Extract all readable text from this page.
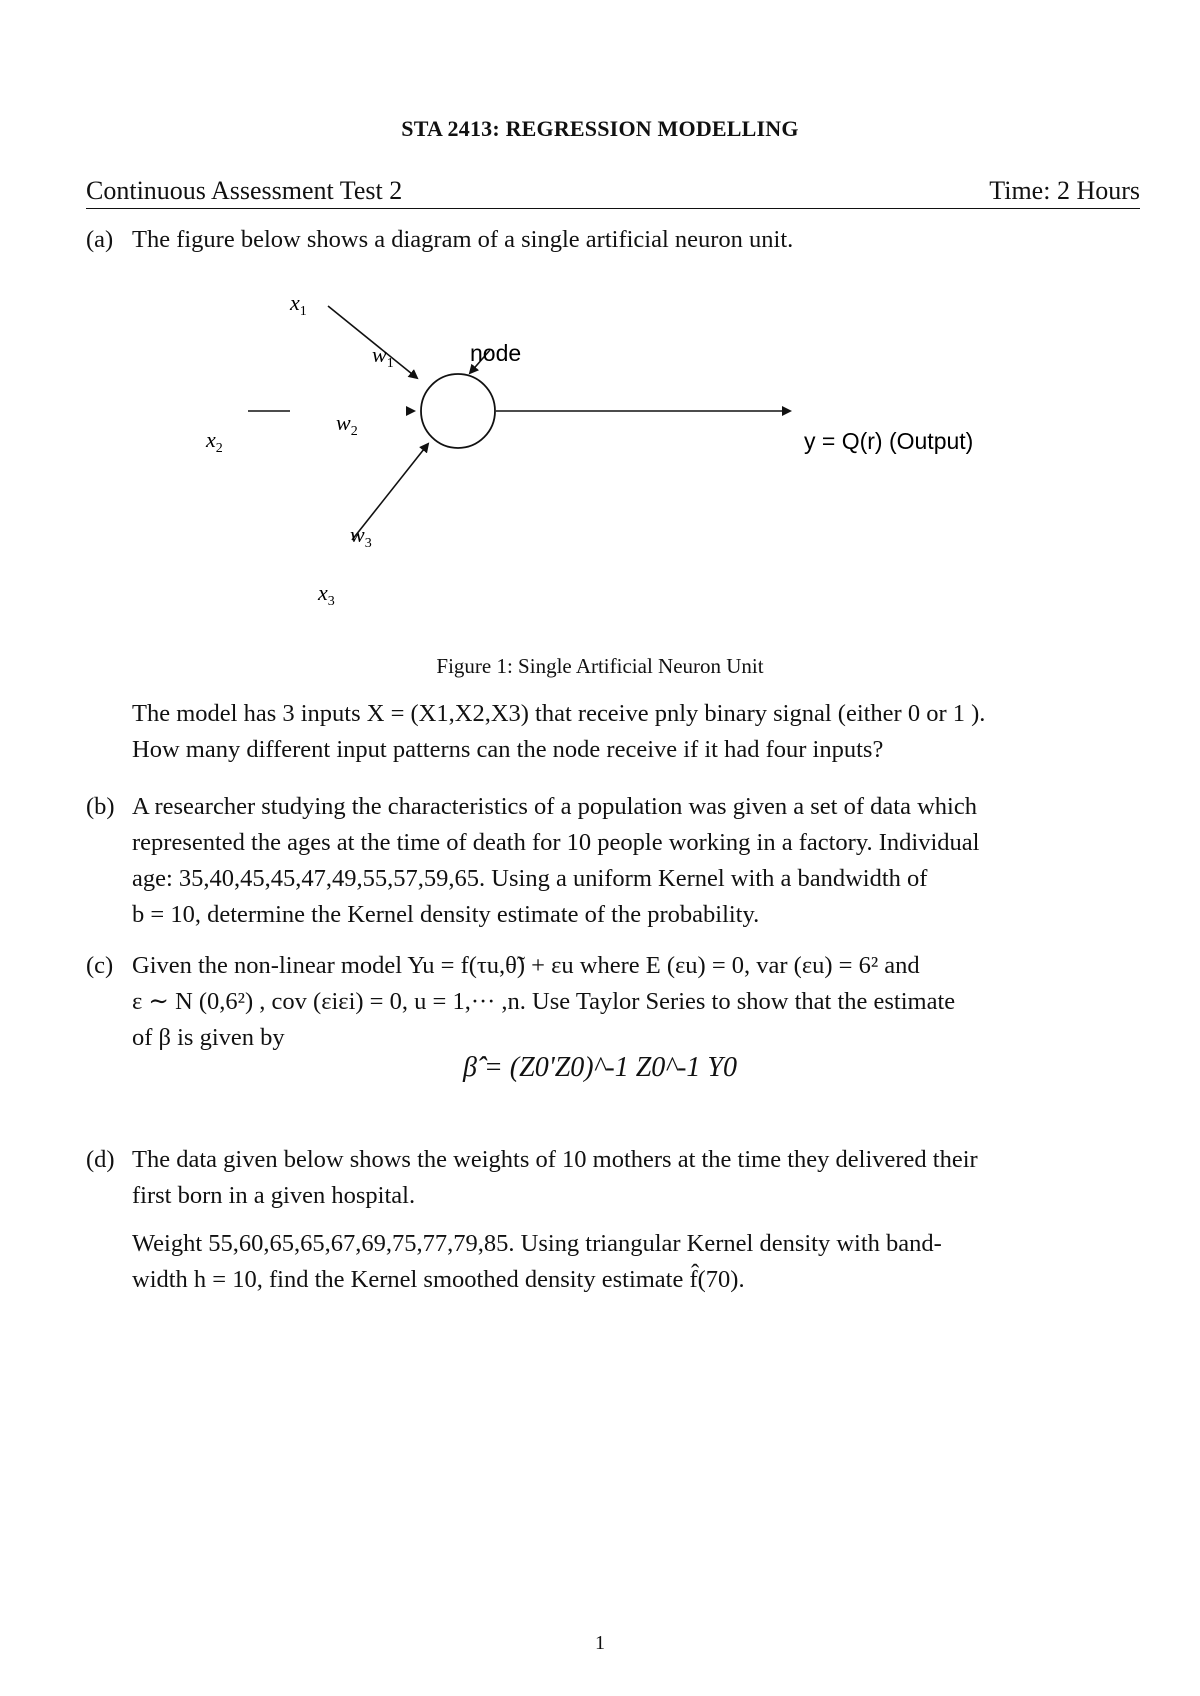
STA 2413: REGRESSION MODELLING
Continuous Assessment Test 2	Time: 2 Hours
(a) The figure below shows a diagram of a single artificial neuron unit.

$x_1$
$w_1$	node
$w_2$
$x_2$
$w_3$
$x_3$
y = Q(r) (Output)
Figure 1: Single Artificial Neuron Unit
The model has 3 inputs X = (X1,X2,X3) that receive pnly binary signal (either 0 or 1 ).
How many different input patterns can the node receive if it had four inputs?
(b) A researcher studying the characteristics of a population was given a set of data which
represented the ages at the time of death for 10 people working in a factory. Individual
age: 35,40,45,45,47,49,55,57,59,65. Using a uniform Kernel with a bandwidth of
b = 10, determine the Kernel density estimate of the probability.
(c) Given the non-linear model Yu = f(τu,θ̃) + εu where E (εu) = 0, var (εu) = 6² and
ε ∼ N (0,6²) , cov (εiεi) = 0, u = 1,··· ,n. Use Taylor Series to show that the estimate
of β is given by
β̂̂ = (Z0'Z0)^-1 Z0^-1 Y0
(d) The data given below shows the weights of 10 mothers at the time they delivered their
first born in a given hospital.
Weight 55,60,65,65,67,69,75,77,79,85. Using triangular Kernel density with band-
width h = 10, find the Kernel smoothed density estimate f̂(70).
1
